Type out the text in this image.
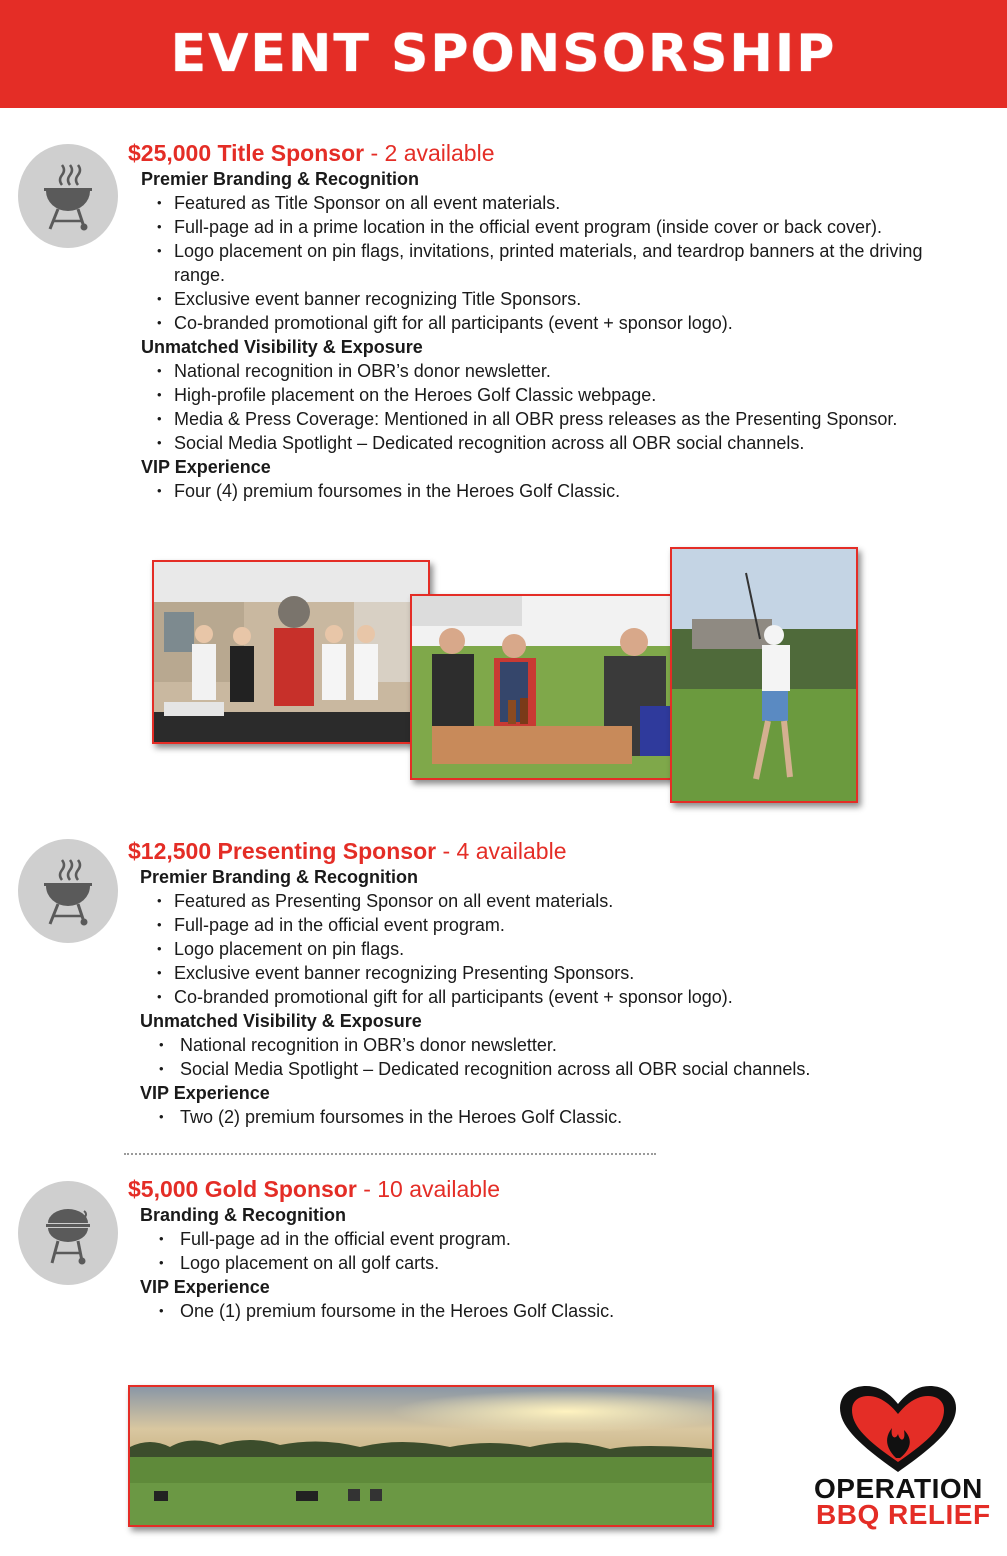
EVENT SPONSORSHIP
$25,000 Title Sponsor - 2 available
Premier Branding & Recognition
• Featured as Title Sponsor on all event materials.
• Full-page ad in a prime location in the official event program (inside cover or back cover).
• Logo placement on pin flags, invitations, printed materials, and teardrop banners at the driving range.
• Exclusive event banner recognizing Title Sponsors.
• Co-branded promotional gift for all participants (event + sponsor logo).
Unmatched Visibility & Exposure
• National recognition in OBR’s donor newsletter.
• High-profile placement on the Heroes Golf Classic webpage.
• Media & Press Coverage: Mentioned in all OBR press releases as the Presenting Sponsor.
• Social Media Spotlight – Dedicated recognition across all OBR social channels.
VIP Experience
• Four (4) premium foursomes in the Heroes Golf Classic.
$12,500 Presenting Sponsor - 4 available
Premier Branding & Recognition
• Featured as Presenting Sponsor on all event materials.
• Full-page ad in the official event program.
• Logo placement on pin flags.
• Exclusive event banner recognizing Presenting Sponsors.
• Co-branded promotional gift for all participants (event + sponsor logo).
Unmatched Visibility & Exposure
• National recognition in OBR’s donor newsletter.
• Social Media Spotlight – Dedicated recognition across all OBR social channels.
VIP Experience
• Two (2) premium foursomes in the Heroes Golf Classic.
$5,000 Gold Sponsor - 10 available
Branding & Recognition
• Full-page ad in the official event program.
• Logo placement on all golf carts.
VIP Experience
• One (1) premium foursome in the Heroes Golf Classic.
OPERATION
BBQ RELIEF
